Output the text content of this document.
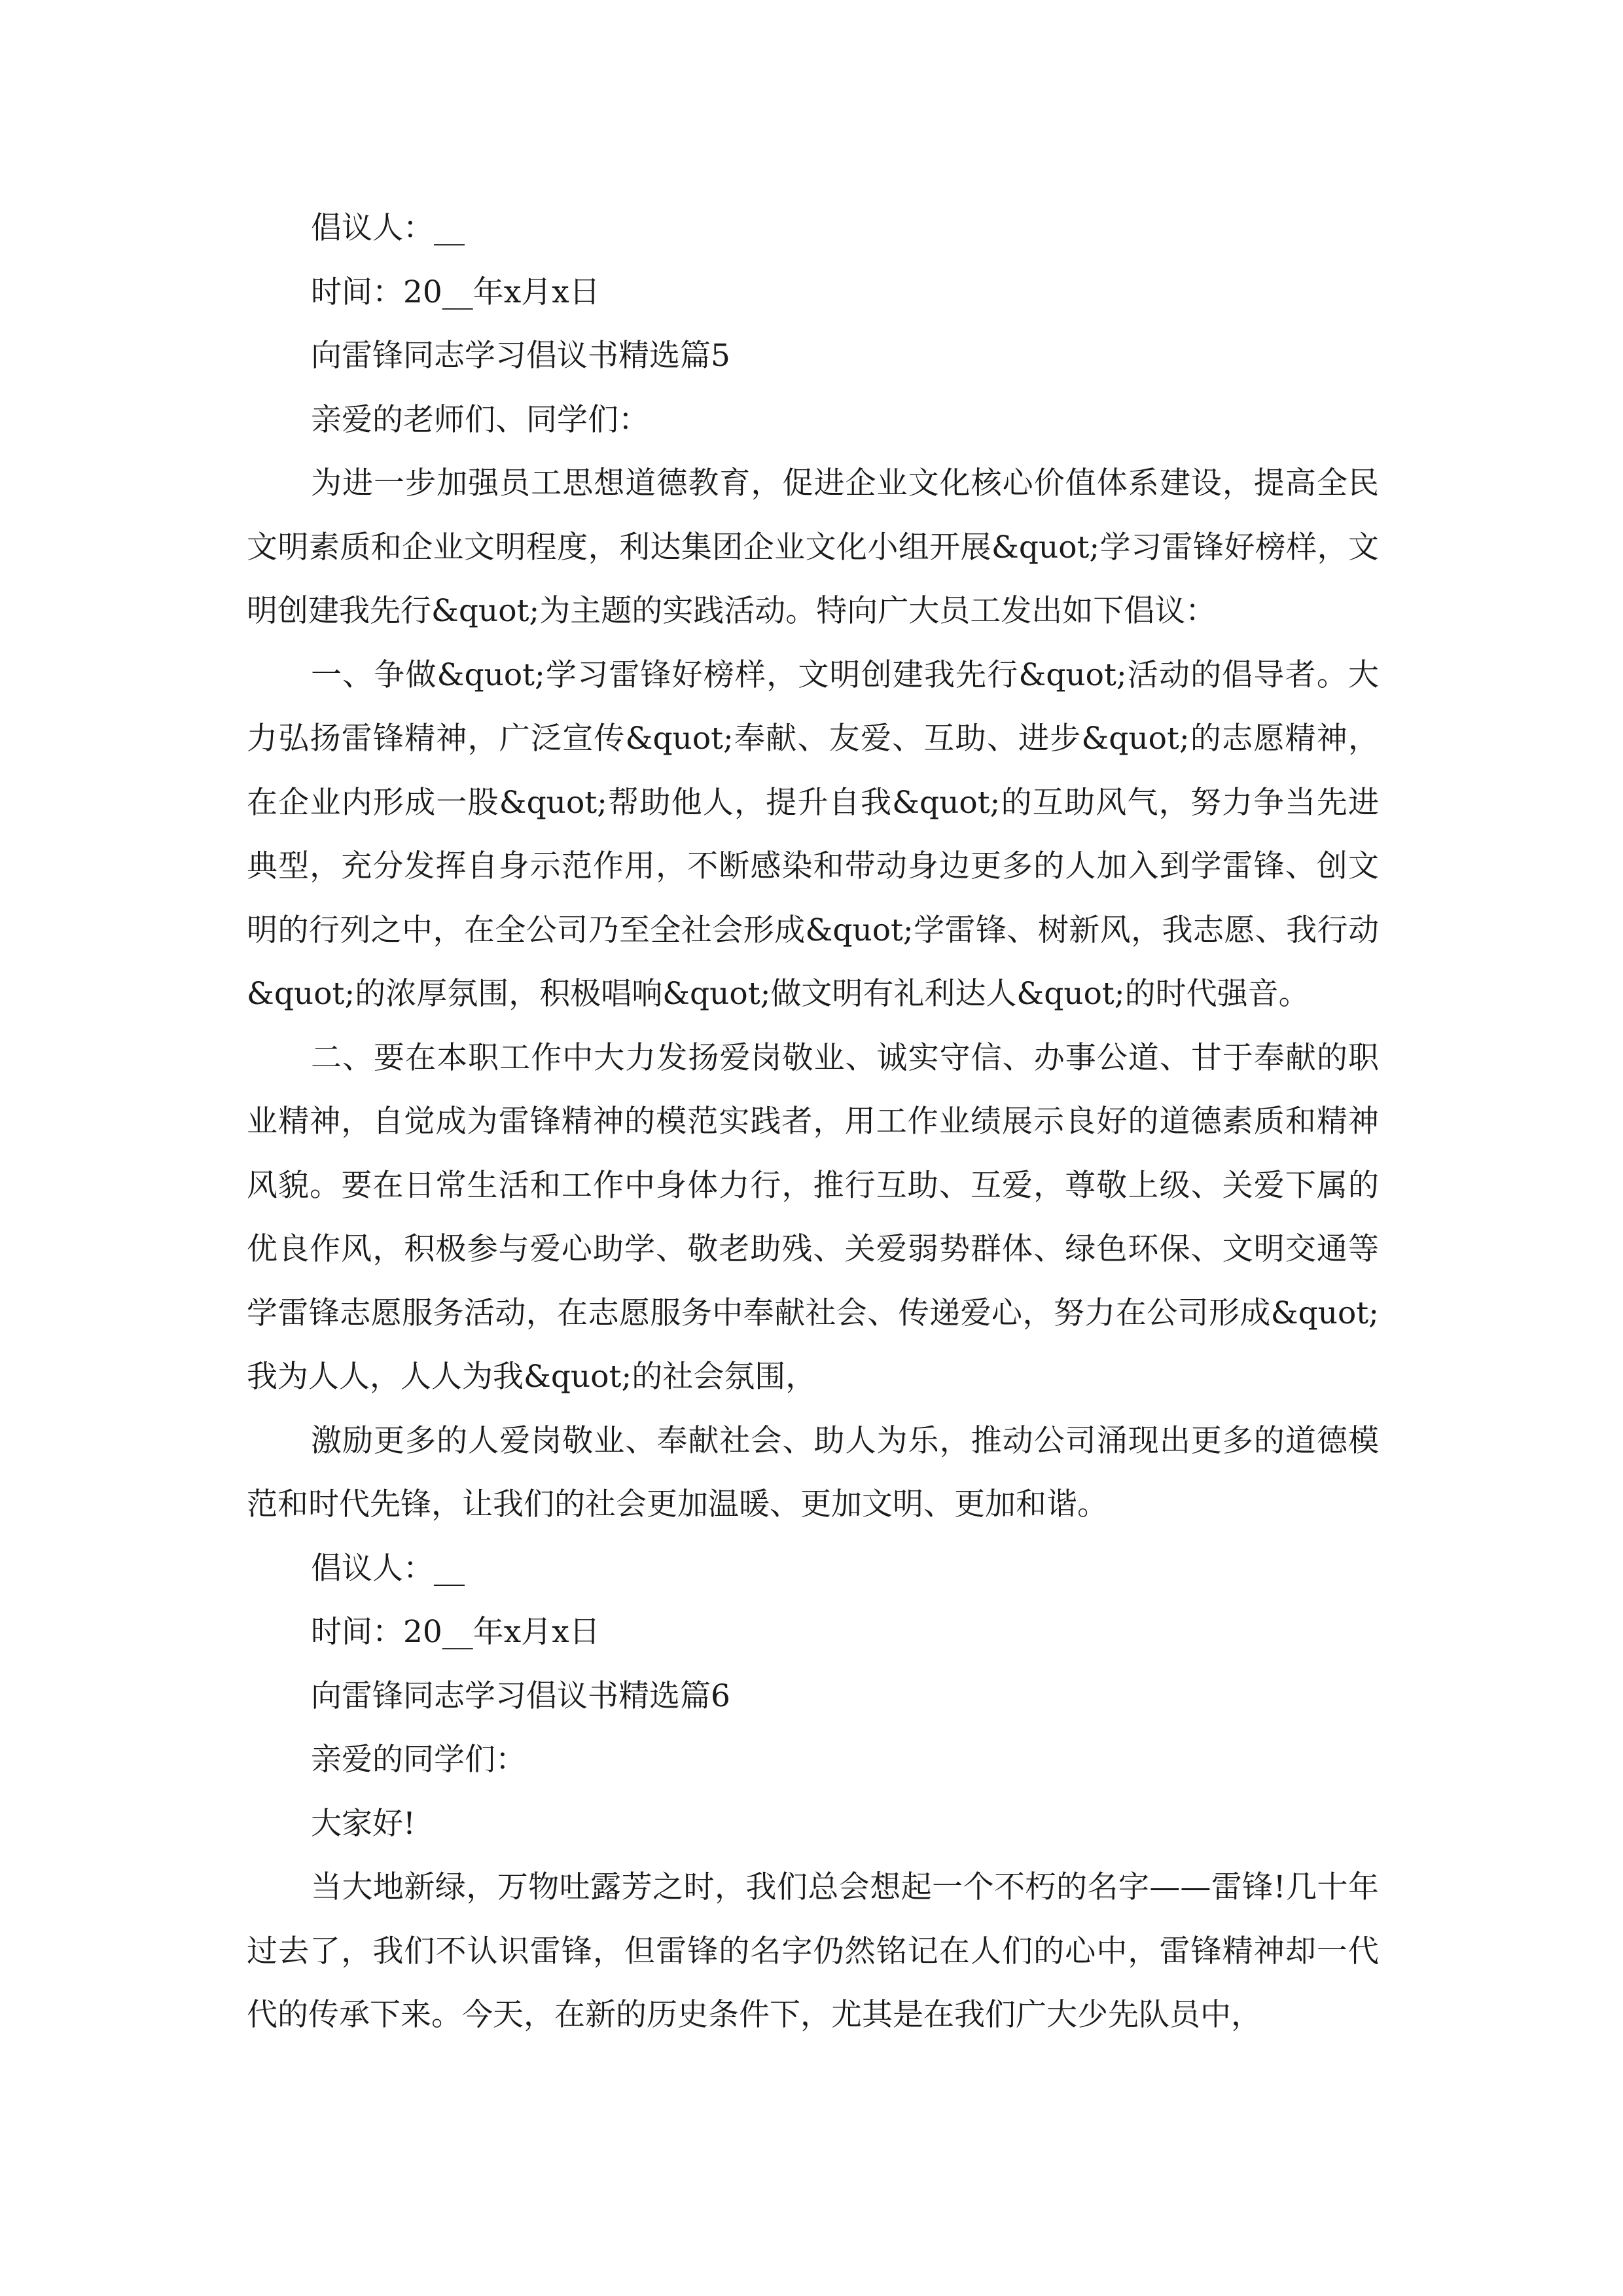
倡议人：__

时间：20__年x月x日

向雷锋同志学习倡议书精选篇5

亲爱的老师们、同学们：

为进一步加强员工思想道德教育，促进企业文化核心价值体系建设，提高全民文明素质和企业文明程度，利达集团企业文化小组开展&quot;学习雷锋好榜样，文明创建我先行&quot;为主题的实践活动。特向广大员工发出如下倡议：

一、争做&quot;学习雷锋好榜样，文明创建我先行&quot;活动的倡导者。大力弘扬雷锋精神，广泛宣传&quot;奉献、友爱、互助、进步&quot;的志愿精神，在企业内形成一股&quot;帮助他人，提升自我&quot;的互助风气，努力争当先进典型，充分发挥自身示范作用，不断感染和带动身边更多的人加入到学雷锋、创文明的行列之中，在全公司乃至全社会形成&quot;学雷锋、树新风，我志愿、我行动&quot;的浓厚氛围，积极唱响&quot;做文明有礼利达人&quot;的时代强音。

二、要在本职工作中大力发扬爱岗敬业、诚实守信、办事公道、甘于奉献的职业精神，自觉成为雷锋精神的模范实践者，用工作业绩展示良好的道德素质和精神风貌。要在日常生活和工作中身体力行，推行互助、互爱，尊敬上级、关爱下属的优良作风，积极参与爱心助学、敬老助残、关爱弱势群体、绿色环保、文明交通等学雷锋志愿服务活动，在志愿服务中奉献社会、传递爱心，努力在公司形成&quot;我为人人，人人为我&quot;的社会氛围，

激励更多的人爱岗敬业、奉献社会、助人为乐，推动公司涌现出更多的道德模范和时代先锋，让我们的社会更加温暖、更加文明、更加和谐。

倡议人：__

时间：20__年x月x日

向雷锋同志学习倡议书精选篇6

亲爱的同学们：

大家好!

当大地新绿，万物吐露芳之时，我们总会想起一个不朽的名字——雷锋!几十年过去了，我们不认识雷锋，但雷锋的名字仍然铭记在人们的心中，雷锋精神却一代代的传承下来。今天，在新的历史条件下，尤其是在我们广大少先队员中，
